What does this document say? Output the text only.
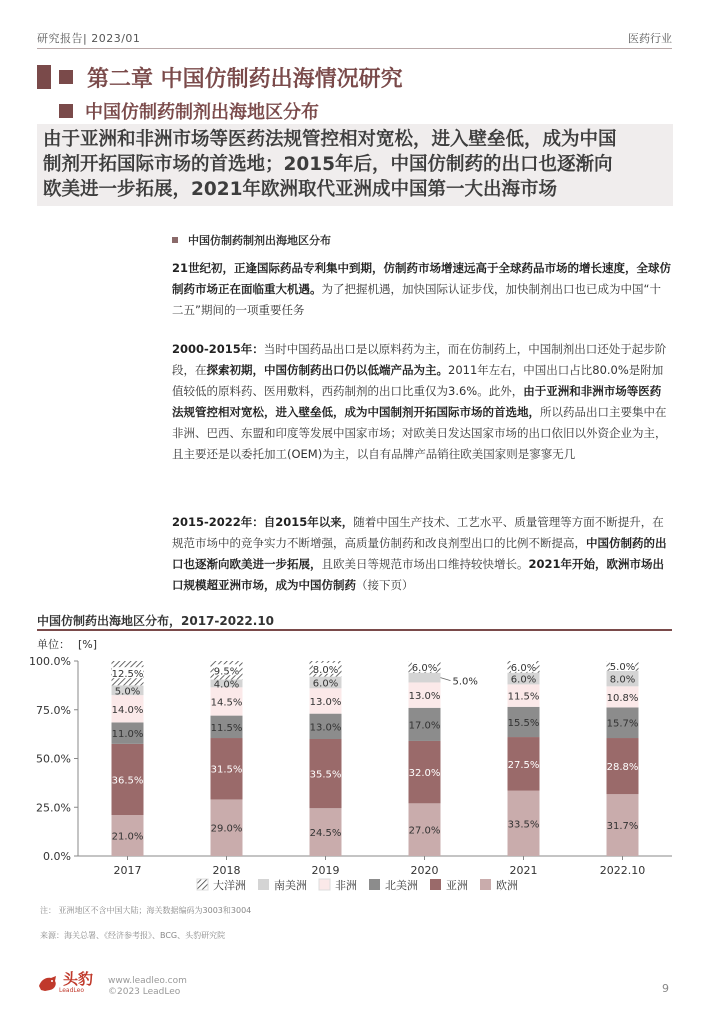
研究报告| 2023/01	医药行业
第二章 中国仿制药出海情况研究
中国仿制药制剂出海地区分布
由于亚洲和非洲市场等医药法规管控相对宽松，进入壁垒低，成为中国
制剂开拓国际市场的首选地；2015年后，中国仿制药的出口也逐渐向
欧美进一步拓展，2021年欧洲取代亚洲成中国第一大出海市场
中国仿制药制剂出海地区分布
21世纪初，正逢国际药品专利集中到期，仿制药市场增速远高于全球药品市场的增长速度，全球仿制药市场正在面临重大机遇。为了把握机遇，加快国际认证步伐，加快制剂出口也已成为中国“十二五”期间的一项重要任务
2000-2015年：当时中国药品出口是以原料药为主，而在仿制药上，中国制剂出口还处于起步阶段，在探索初期，中国仿制药出口仍以低端产品为主。2011年左右，中国出口占比80.0%是附加值较低的原料药、医用敷料，西药制剂的出口比重仅为3.6%。此外，由于亚洲和非洲市场等医药法规管控相对宽松，进入壁垒低，成为中国制剂开拓国际市场的首选地，所以药品出口主要集中在非洲、巴西、东盟和印度等发展中国家市场；对欧美日发达国家市场的出口依旧以外资企业为主，且主要还是以委托加工(OEM)为主，以自有品牌产品销往欧美国家则是寥寥无几
2015-2022年：自2015年以来，随着中国生产技术、工艺水平、质量管理等方面不断提升，在规范市场中的竞争实力不断增强，高质量仿制药和改良剂型出口的比例不断提高，中国仿制药的出口也逐渐向欧美进一步拓展，且欧美日等规范市场出口维持较快增长。2021年开始，欧洲市场出口规模超亚洲市场，成为中国仿制药（接下页）
中国仿制药出海地区分布，2017-2022.10
单位： [%]
0.0%
25.0%
50.0%
75.0%
100.0%
21.0%
36.5%
11.0%
14.0%
5.0%
12.5%
2017
29.0%
31.5%
11.5%
14.5%
4.0%
9.5%
2018
24.5%
35.5%
13.0%
13.0%
6.0%
8.0%
2019
27.0%
32.0%
17.0%
13.0%
5.0%
6.0%
2020
33.5%
27.5%
15.5%
11.5%
6.0%
6.0%
2021
31.7%
28.8%
15.7%
10.8%
8.0%
5.0%
2022.10
大洋洲	南美洲	非洲	北美洲	亚洲	欧洲
注： 亚洲地区不含中国大陆；海关数据编码为3003和3004
来源：海关总署、《经济参考报》、BCG、头豹研究院
头豹
LeadLeo
www.leadleo.com
©2023 LeadLeo	9
